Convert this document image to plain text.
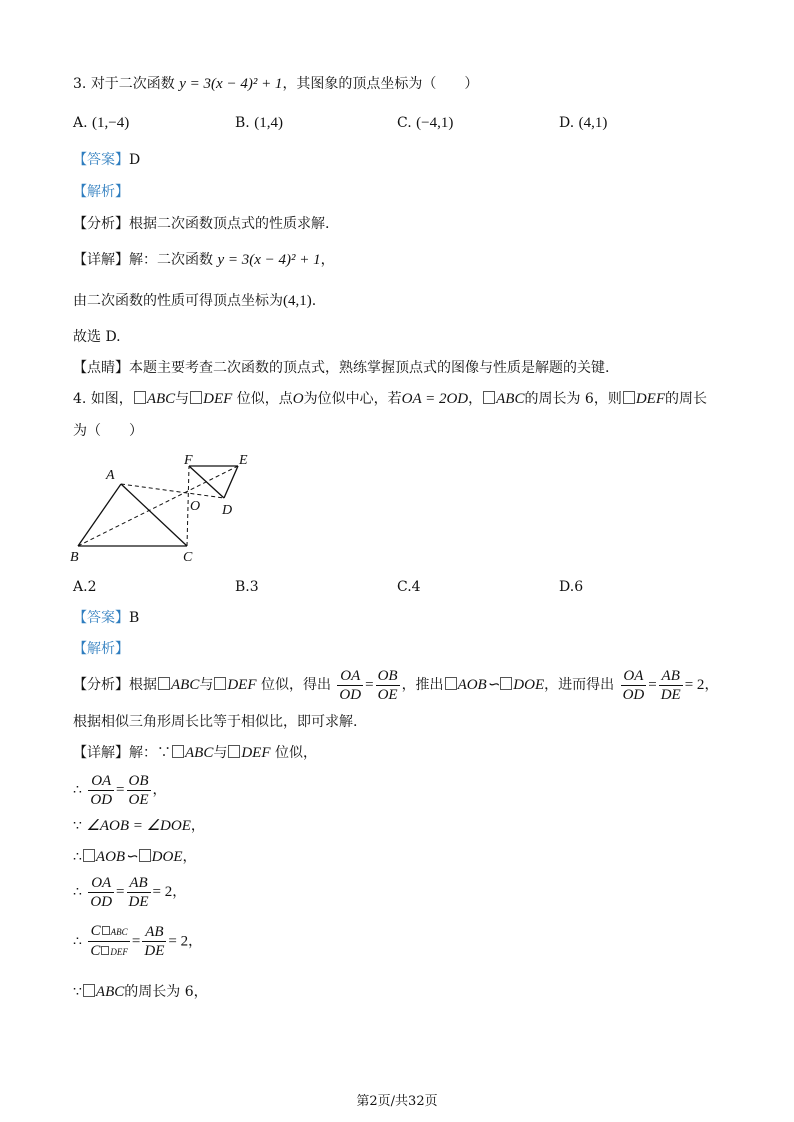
3. 对于二次函数 y = 3(x − 4)² + 1，其图象的顶点坐标为（　　）
A. (1,−4)	B. (1,4)	C. (−4,1)	D. (4,1)
【答案】D
【解析】
【分析】根据二次函数顶点式的性质求解.
【详解】解：二次函数 y = 3(x − 4)² + 1，
由二次函数的性质可得顶点坐标为(4,1).
故选 D.
【点睛】本题主要考查二次函数的顶点式，熟练掌握顶点式的图像与性质是解题的关键.
4. 如图， ABC与 DEF 位似，点O为位似中心，若OA = 2OD， ABC的周长为 6，则 DEF的周长
为（　　）
A
B	C
D
E
F
O
A.2	B.3	C.4	D.6
【答案】B
【解析】
【分析】根据 ABC与 DEF 位似，得出 $\frac{OA}{OD} = \frac{OB}{OE}$ ，推出 AOB∽ DOE，进而得出 $\frac{OA}{OD} = \frac{AB}{DE} = 2$，
根据相似三角形周长比等于相似比，即可求解.
【详解】解：∵ ABC与 DEF 位似，
∴ $\frac{OA}{OD} = \frac{OB}{OE}$ ，
∵ ∠AOB = ∠DOE，
∴ AOB∽ DOE，
∴ $\frac{OA}{OD} = \frac{AB}{DE} = 2$，
∴ $\frac{\text{C ABC}}{\text{C DEF}} = \frac{AB}{DE} = 2$，
∵ ABC的周长为 6，
第2页/共32页
